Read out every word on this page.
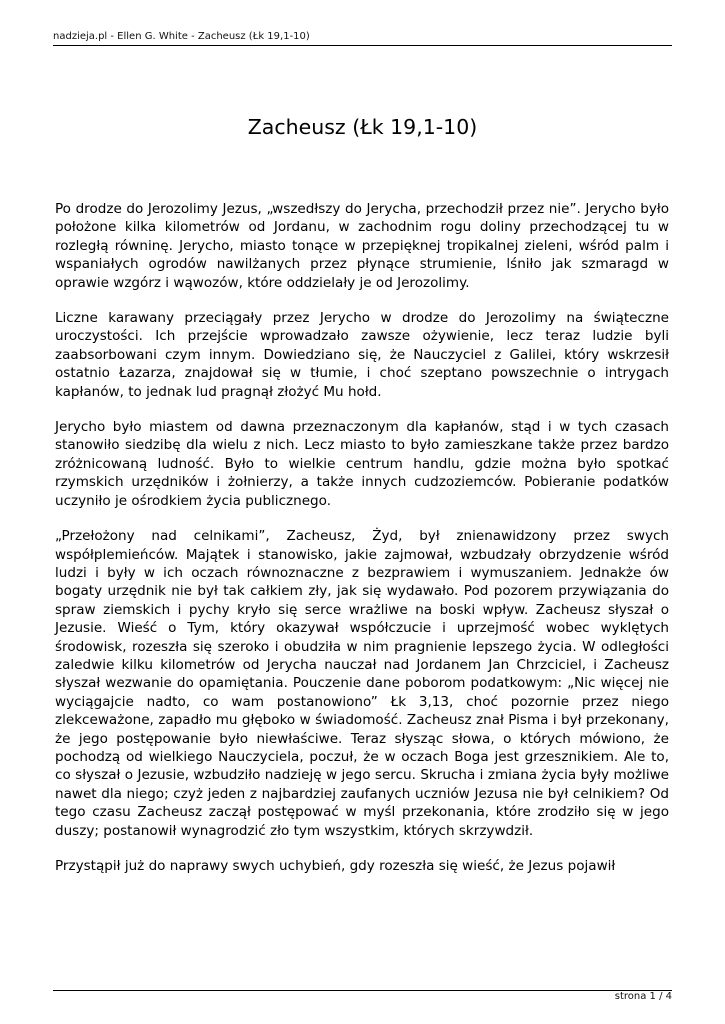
nadzieja.pl - Ellen G. White - Zacheusz (Łk 19,1-10)
Zacheusz (Łk 19,1-10)

Po drodze do Jerozolimy Jezus, „wszedłszy do Jerycha, przechodził przez nie”. Jerycho było położone kilka kilometrów od Jordanu, w zachodnim rogu doliny przechodzącej tu w rozległą równinę. Jerycho, miasto tonące w przepięknej tropikalnej zieleni, wśród palm i wspaniałych ogrodów nawilżanych przez płynące strumienie, lśniło jak szmaragd w oprawie wzgórz i wąwozów, które oddzielały je od Jerozolimy.

Liczne karawany przeciągały przez Jerycho w drodze do Jerozolimy na świąteczne uroczystości. Ich przejście wprowadzało zawsze ożywienie, lecz teraz ludzie byli zaabsorbowani czym innym. Dowiedziano się, że Nauczyciel z Galilei, który wskrzesił ostatnio Łazarza, znajdował się w tłumie, i choć szeptano powszechnie o intrygach kapłanów, to jednak lud pragnął złożyć Mu hołd.

Jerycho było miastem od dawna przeznaczonym dla kapłanów, stąd i w tych czasach stanowiło siedzibę dla wielu z nich. Lecz miasto to było zamieszkane także przez bardzo zróżnicowaną ludność. Było to wielkie centrum handlu, gdzie można było spotkać rzymskich urzędników i żołnierzy, a także innych cudzoziemców. Pobieranie podatków uczyniło je ośrodkiem życia publicznego.

„Przełożony nad celnikami”, Zacheusz, Żyd, był znienawidzony przez swych współplemieńców. Majątek i stanowisko, jakie zajmował, wzbudzały obrzydzenie wśród ludzi i były w ich oczach równoznaczne z bezprawiem i wymuszaniem. Jednakże ów bogaty urzędnik nie był tak całkiem zły, jak się wydawało. Pod pozorem przywiązania do spraw ziemskich i pychy kryło się serce wrażliwe na boski wpływ. Zacheusz słyszał o Jezusie. Wieść o Tym, który okazywał współczucie i uprzejmość wobec wyklętych środowisk, rozeszła się szeroko i obudziła w nim pragnienie lepszego życia. W odległości zaledwie kilku kilometrów od Jerycha nauczał nad Jordanem Jan Chrzciciel, i Zacheusz słyszał wezwanie do opamiętania. Pouczenie dane poborom podatkowym: „Nic więcej nie wyciągajcie nadto, co wam postanowiono” Łk 3,13, choć pozornie przez niego zlekceważone, zapadło mu głęboko w świadomość. Zacheusz znał Pisma i był przekonany, że jego postępowanie było niewłaściwe. Teraz słysząc słowa, o których mówiono, że pochodzą od wielkiego Nauczyciela, poczuł, że w oczach Boga jest grzesznikiem. Ale to, co słyszał o Jezusie, wzbudziło nadzieję w jego sercu. Skrucha i zmiana życia były możliwe nawet dla niego; czyż jeden z najbardziej zaufanych uczniów Jezusa nie był celnikiem? Od tego czasu Zacheusz zaczął postępować w myśl przekonania, które zrodziło się w jego duszy; postanowił wynagrodzić zło tym wszystkim, których skrzywdził.

Przystąpił już do naprawy swych uchybień, gdy rozeszła się wieść, że Jezus pojawił

strona 1 / 4
